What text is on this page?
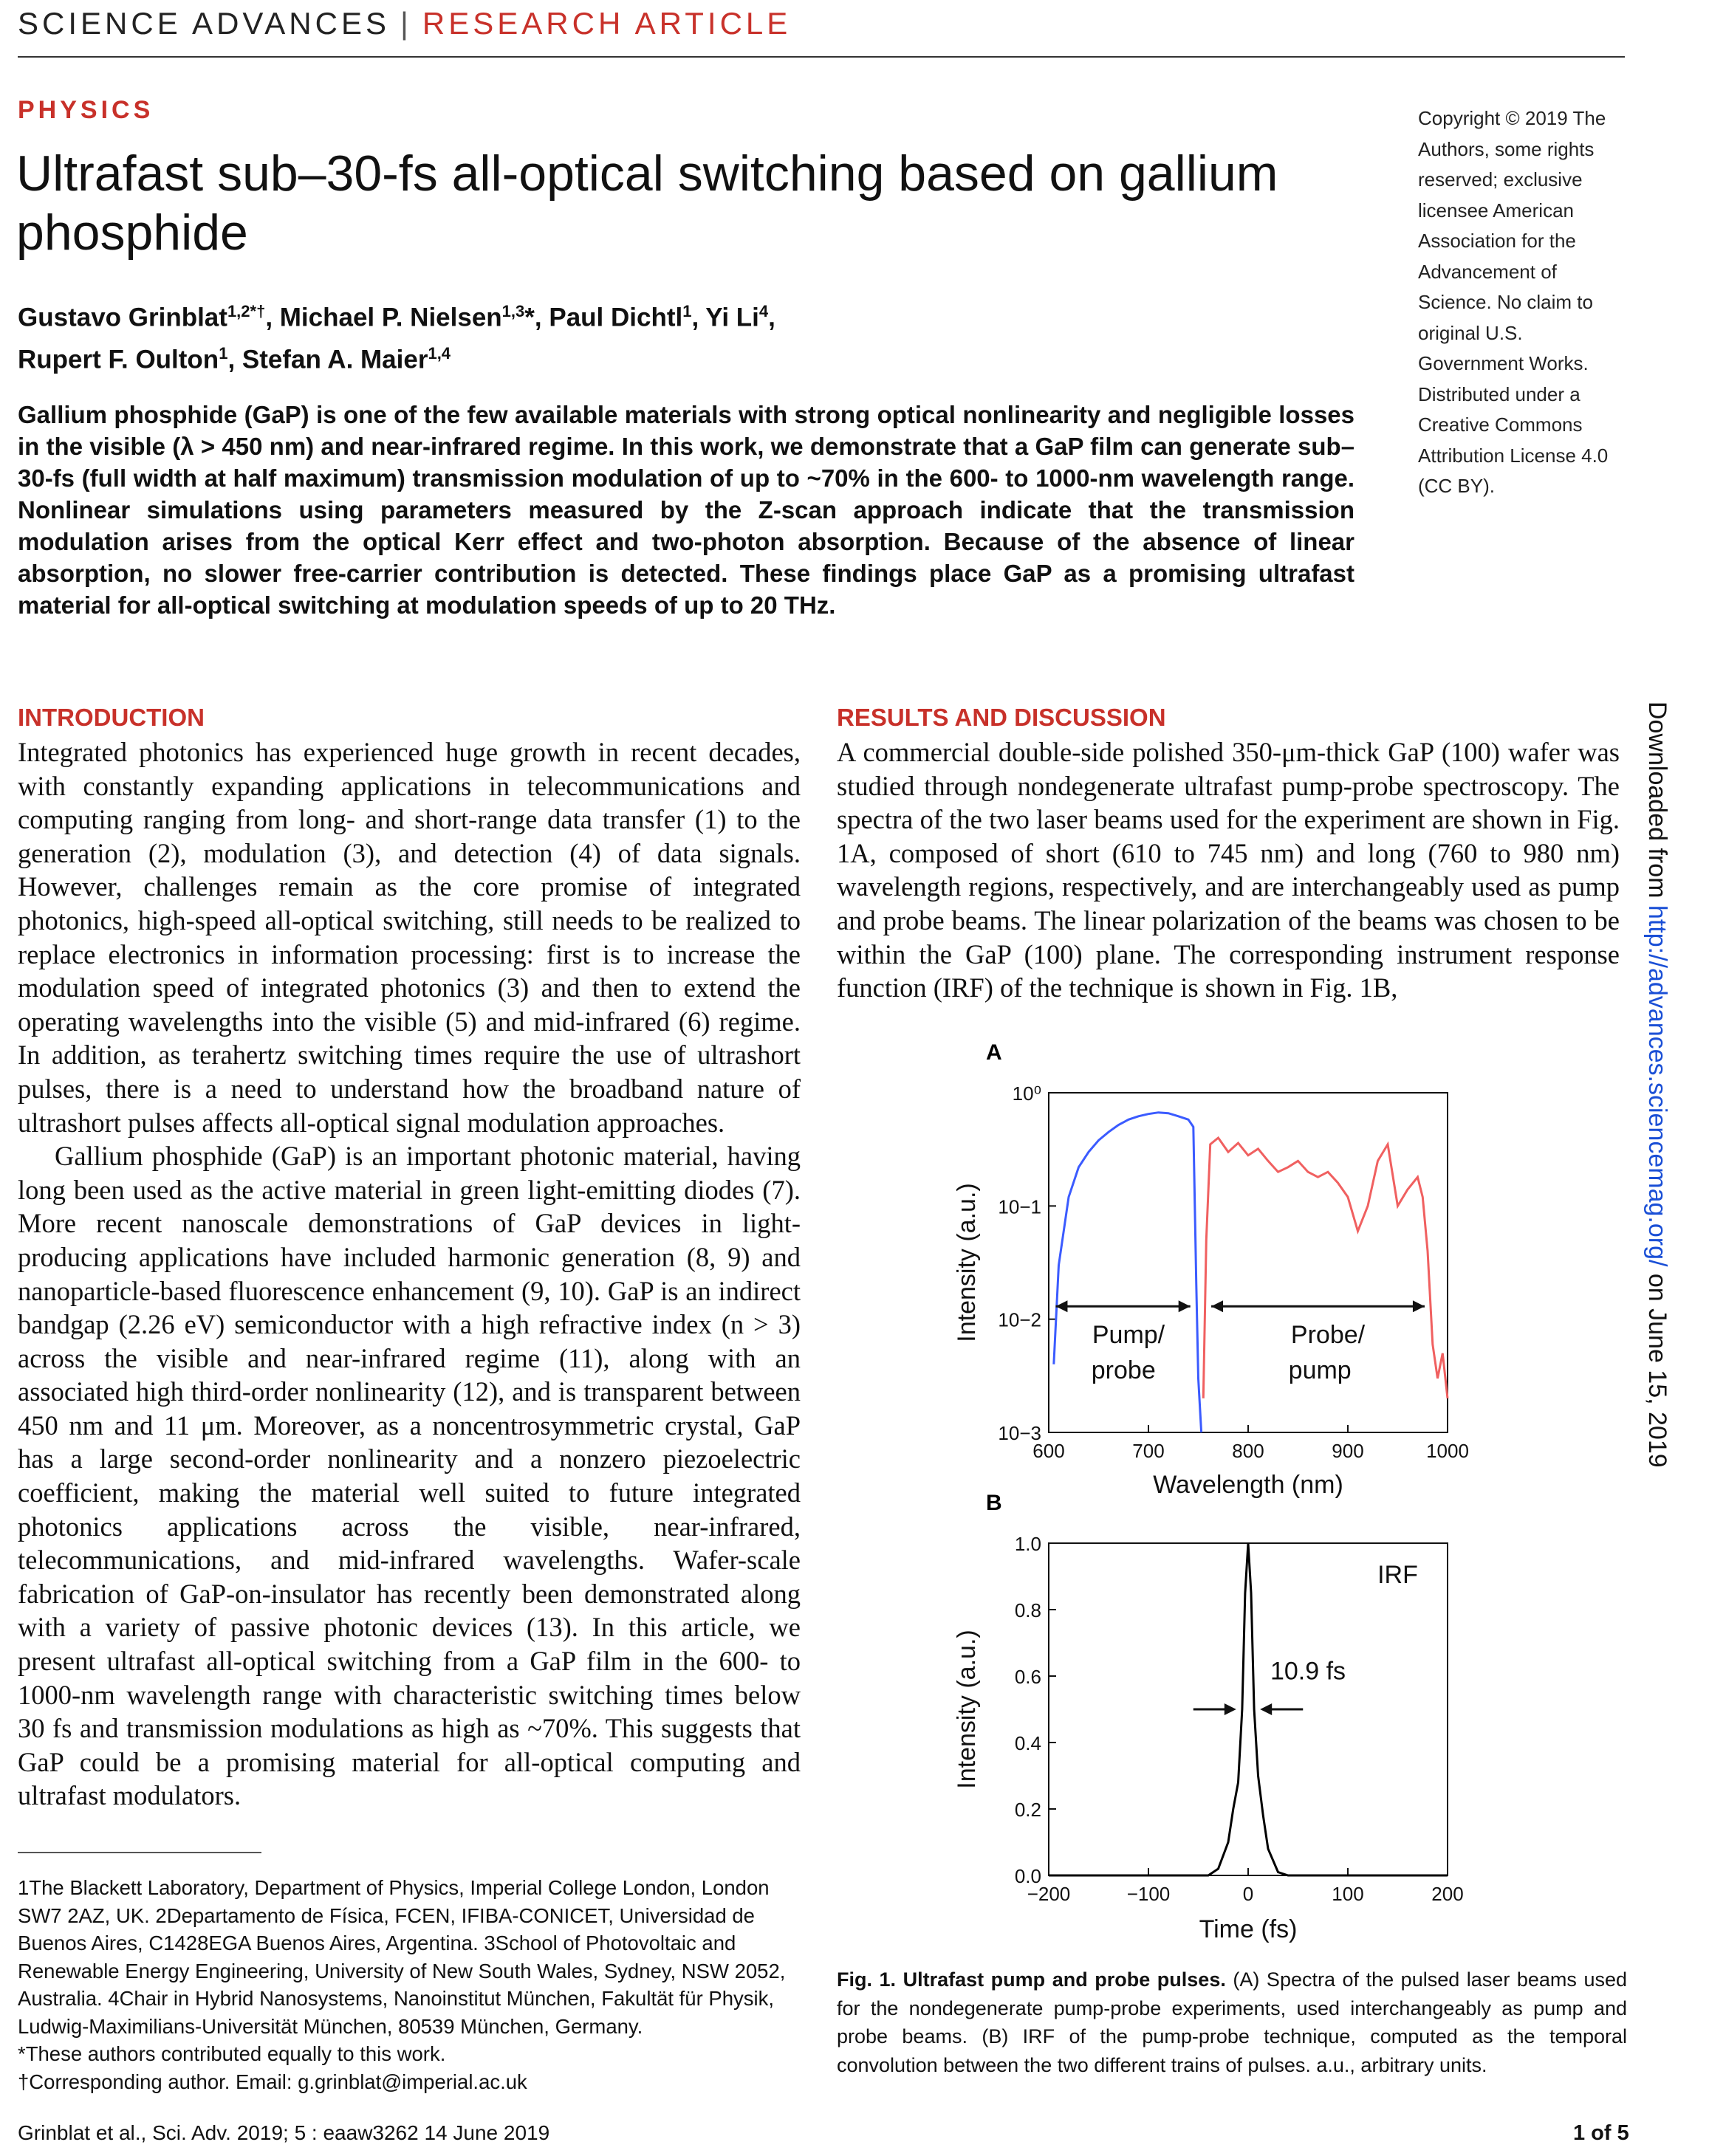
SCIENCE ADVANCES | RESEARCH ARTICLE
PHYSICS
Ultrafast sub–30-fs all-optical switching based on gallium phosphide
Gustavo Grinblat$^{1,2*\dagger}$, Michael P. Nielsen$^{1,3}$*, Paul Dichtl$^1$, Yi Li$^4$,
Rupert F. Oulton$^1$, Stefan A. Maier$^{1,4}$
Gallium phosphide (GaP) is one of the few available materials with strong optical nonlinearity and negligible losses in the visible (λ > 450 nm) and near-infrared regime. In this work, we demonstrate that a GaP film can generate sub–30-fs (full width at half maximum) transmission modulation of up to ~70% in the 600- to 1000-nm wavelength range. Nonlinear simulations using parameters measured by the Z-scan approach indicate that the transmission modulation arises from the optical Kerr effect and two-photon absorption. Because of the absence of linear absorption, no slower free-carrier contribution is detected. These findings place GaP as a promising ultrafast material for all-optical switching at modulation speeds of up to 20 THz.
Copyright © 2019 The Authors, some rights reserved; exclusive licensee American Association for the Advancement of Science. No claim to original U.S. Government Works. Distributed under a Creative Commons Attribution License 4.0 (CC BY).
Downloaded from http://advances.sciencemag.org/ on June 15, 2019
INTRODUCTION

Integrated photonics has experienced huge growth in recent decades, with constantly expanding applications in telecommunications and computing ranging from long- and short-range data transfer (1) to the generation (2), modulation (3), and detection (4) of data signals. However, challenges remain as the core promise of integrated photonics, high-speed all-optical switching, still needs to be realized to replace electronics in information processing: first is to increase the modulation speed of integrated photonics (3) and then to extend the operating wavelengths into the visible (5) and mid-infrared (6) regime. In addition, as terahertz switching times require the use of ultrashort pulses, there is a need to understand how the broadband nature of ultrashort pulses affects all-optical signal modulation approaches.

Gallium phosphide (GaP) is an important photonic material, having long been used as the active material in green light-emitting diodes (7). More recent nanoscale demonstrations of GaP devices in light-producing applications have included harmonic generation (8, 9) and nanoparticle-based fluorescence enhancement (9, 10). GaP is an indirect bandgap (2.26 eV) semiconductor with a high refractive index (n > 3) across the visible and near-infrared regime (11), along with an associated high third-order nonlinearity (12), and is transparent between 450 nm and 11 μm. Moreover, as a noncentrosymmetric crystal, GaP has a large second-order nonlinearity and a nonzero piezoelectric coefficient, making the material well suited to future integrated photonics applications across the visible, near-infrared, telecommunications, and mid-infrared wavelengths. Wafer-scale fabrication of GaP-on-insulator has recently been demonstrated along with a variety of passive photonic devices (13). In this article, we present ultrafast all-optical switching from a GaP film in the 600- to 1000-nm wavelength range with characteristic switching times below 30 fs and transmission modulations as high as ~70%. This suggests that GaP could be a promising material for all-optical computing and ultrafast modulators.

RESULTS AND DISCUSSION

A commercial double-side polished 350-μm-thick GaP (100) wafer was studied through nondegenerate ultrafast pump-probe spectroscopy. The spectra of the two laser beams used for the experiment are shown in Fig. 1A, composed of short (610 to 745 nm) and long (760 to 980 nm) wavelength regions, respectively, and are interchangeably used as pump and probe beams. The linear polarization of the beams was chosen to be within the GaP (100) plane. The corresponding instrument response function (IRF) of the technique is shown in Fig. 1B,

A
600	700	800	900	1000
10−3
10−2
10−1
10⁰
Wavelength (nm)
Intensity (a.u.)	Pump/
probe
Probe/
pump
B
−200	−100	0	100	200
0.0
0.2
0.4
0.6
0.8
1.0
Time (fs)
Intensity (a.u.)
IRF
10.9 fs
1The Blackett Laboratory, Department of Physics, Imperial College London, London SW7 2AZ, UK. 2Departamento de Física, FCEN, IFIBA-CONICET, Universidad de Buenos Aires, C1428EGA Buenos Aires, Argentina. 3School of Photovoltaic and Renewable Energy Engineering, University of New South Wales, Sydney, NSW 2052, Australia. 4Chair in Hybrid Nanosystems, Nanoinstitut München, Fakultät für Physik, Ludwig-Maximilians-Universität München, 80539 München, Germany.
*These authors contributed equally to this work.
†Corresponding author. Email: g.grinblat@imperial.ac.uk
Fig. 1. Ultrafast pump and probe pulses. (A) Spectra of the pulsed laser beams used for the nondegenerate pump-probe experiments, used interchangeably as pump and probe beams. (B) IRF of the pump-probe technique, computed as the temporal convolution between the two different trains of pulses. a.u., arbitrary units.
Grinblat et al., Sci. Adv. 2019; 5 : eaaw3262 14 June 2019	1 of 5
